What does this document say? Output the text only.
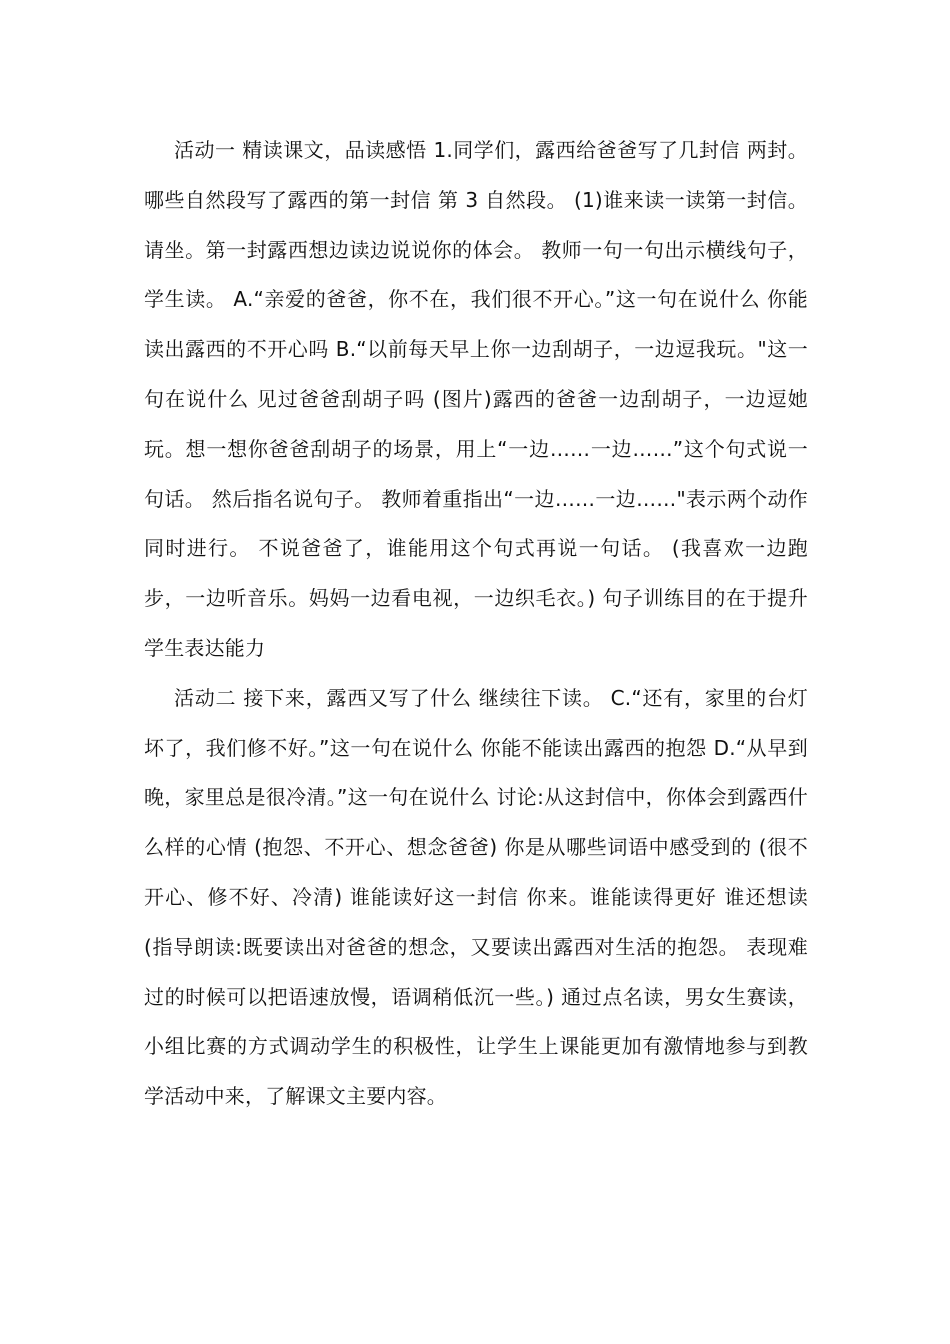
活动一 精读课文，品读感悟 1.同学们，露西给爸爸写了几封信 两封。哪些自然段写了露西的第一封信 第 3 自然段。 (1)谁来读一读第一封信。请坐。第一封露西想边读边说说你的体会。 教师一句一句出示横线句子，学生读。 A.“亲爱的爸爸，你不在，我们很不开心。”这一句在说什么 你能读出露西的不开心吗 B.“以前每天早上你一边刮胡子，一边逗我玩。"这一句在说什么 见过爸爸刮胡子吗 (图片)露西的爸爸一边刮胡子，一边逗她玩。想一想你爸爸刮胡子的场景，用上“一边……一边……”这个句式说一句话。 然后指名说句子。 教师着重指出“一边……一边……"表示两个动作同时进行。 不说爸爸了，谁能用这个句式再说一句话。 (我喜欢一边跑步，一边听音乐。妈妈一边看电视，一边织毛衣。) 句子训练目的在于提升学生表达能力

活动二 接下来，露西又写了什么 继续往下读。 C.“还有，家里的台灯坏了，我们修不好。”这一句在说什么 你能不能读出露西的抱怨 D.“从早到晚，家里总是很冷清。”这一句在说什么 讨论:从这封信中，你体会到露西什么样的心情 (抱怨、不开心、想念爸爸) 你是从哪些词语中感受到的 (很不开心、修不好、冷清) 谁能读好这一封信 你来。谁能读得更好 谁还想读 (指导朗读:既要读出对爸爸的想念，又要读出露西对生活的抱怨。 表现难过的时候可以把语速放慢，语调稍低沉一些。) 通过点名读，男女生赛读，小组比赛的方式调动学生的积极性，让学生上课能更加有激情地参与到教学活动中来，了解课文主要内容。
